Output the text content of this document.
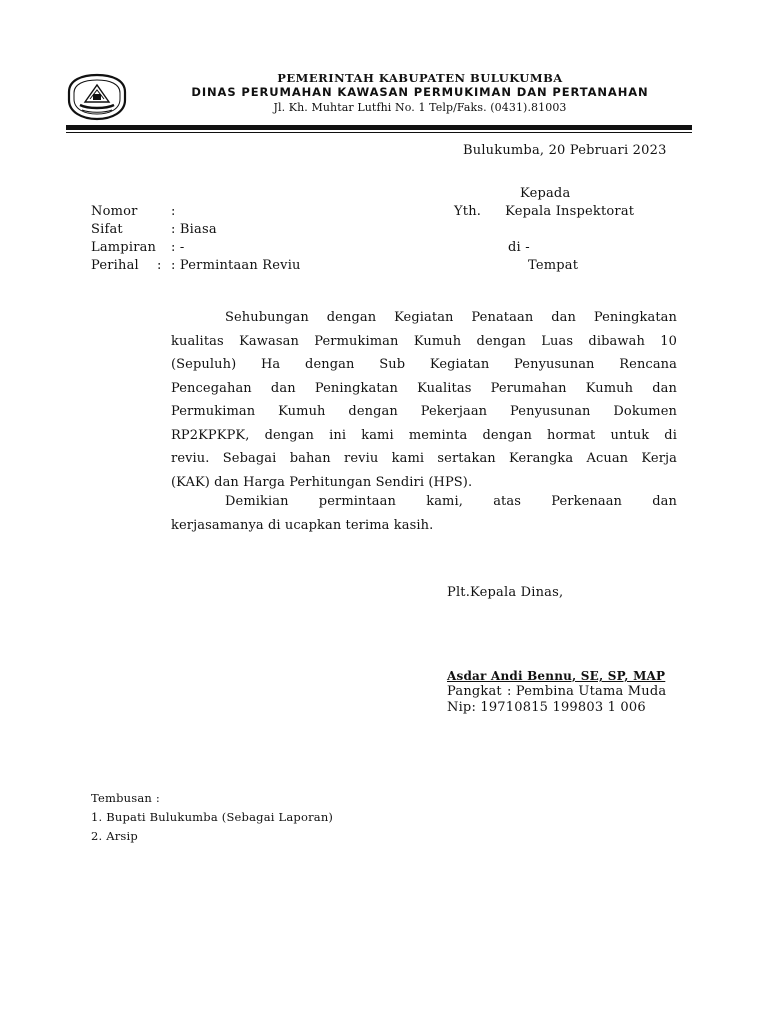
PEMERINTAH KABUPATEN BULUKUMBA
DINAS PERUMAHAN KAWASAN PERMUKIMAN DAN PERTANAHAN
Jl. Kh. Muhtar Lutfhi No. 1 Telp/Faks. (0431).81003
Bulukumba, 20 Pebruari 2023
Kepada
Yth. Kepala Inspektorat
di -
Tempat
Nomor	:
Sifat	: Biasa
Lampiran : -
Perihal : : Permintaan Reviu
Sehubungan dengan Kegiatan Penataan dan Peningkatan
kualitas Kawasan Permukiman Kumuh dengan Luas dibawah 10
(Sepuluh) Ha dengan Sub Kegiatan Penyusunan Rencana
Pencegahan dan Peningkatan Kualitas Perumahan Kumuh dan
Permukiman Kumuh dengan Pekerjaan Penyusunan Dokumen
RP2KPKPK, dengan ini kami meminta dengan hormat untuk di
reviu. Sebagai bahan reviu kami sertakan Kerangka Acuan Kerja
(KAK) dan Harga Perhitungan Sendiri (HPS).
Demikian permintaan kami, atas Perkenaan dan
kerjasamanya di ucapkan terima kasih.
Plt.Kepala Dinas,
Asdar Andi Bennu, SE, SP, MAP
Pangkat : Pembina Utama Muda
Nip: 19710815 199803 1 006
Tembusan :
1. Bupati Bulukumba (Sebagai Laporan)
2. Arsip
